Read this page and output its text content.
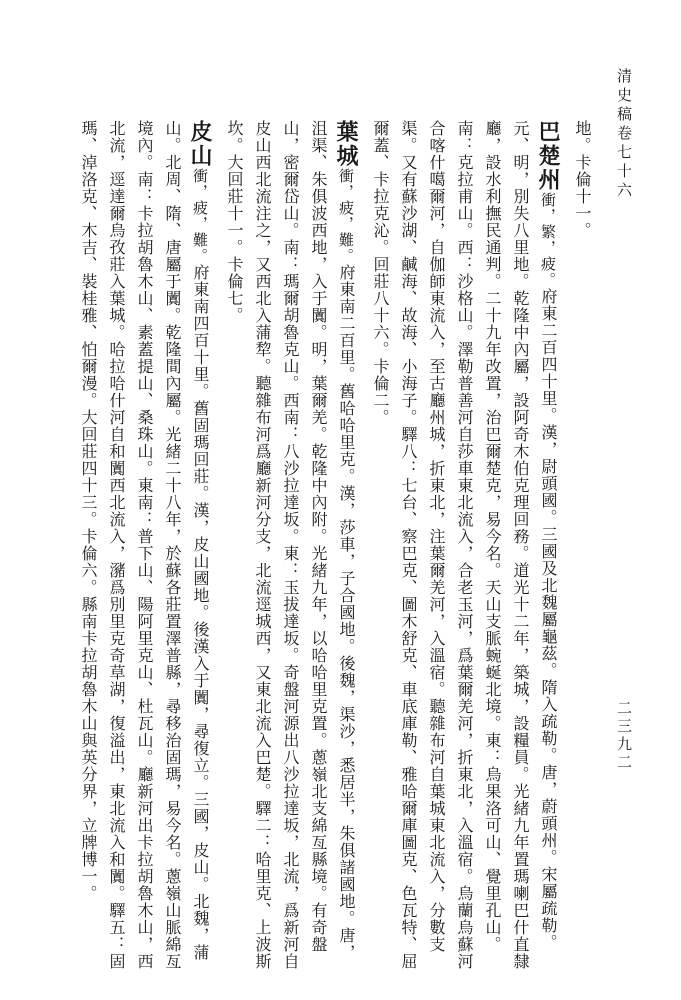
清史稿卷七十六
二三九二
地。卡倫十一。
巴楚州衝，繁，疲。府東二百四十里。漢，尉頭國。三國及北魏屬龜茲。隋入疏勒。唐，蔚頭州。宋屬疏勒。元、明，別失八里地。乾隆中內屬，設阿奇木伯克理回務。道光十二年，築城，設糧員。光緒九年置瑪喇巴什直隸廳，設水利撫民通判。二十九年改置，治巴爾楚克，易今名。天山支脈蜿蜒北境。東：烏果洛可山、覺里孔山。南：克拉甫山。西：沙格山。澤勒普善河自莎車東北流入，合老玉河，爲葉爾羌河，折東北，入溫宿。烏蘭烏蘇河合喀什噶爾河，自伽師東流入，至古廳州城，折東北，注葉爾羌河，入溫宿。聽雜布河自葉城東北流入，分數支渠。又有蘇沙湖、鹹海、故海、小海子。驛八：七台、察巴克、圖木舒克、車底庫勒、雅哈爾庫圖克、色瓦特、屈爾蓋、卡拉克沁。回莊八十六。卡倫二。
葉城衝，疲，難。府東南二百里。舊哈哈里克。漢，莎車，子合國地。後魏，渠沙，悉居半，朱俱諸國地。唐，沮渠、朱俱波西地，入于闐。明，葉爾羌。乾隆中內附。光緒九年，以哈哈里克置。蔥嶺北支綿亙縣境。有奇盤山，密爾岱山。南：瑪爾胡魯克山。西南：八沙拉達坂。東：玉拔達坂。奇盤河源出八沙拉達坂，北流，爲新河自皮山西北流注之，又西北入蒲犂。聽雜布河爲廳新河分支，北流逕城西，又東北流入巴楚。驛二：哈里克、上波斯坎。大回莊十一。卡倫七。
皮山衝，疲，難。府東南四百十里。舊固瑪回莊。漢，皮山國地。後漢入于闐，尋復立。三國，皮山。北魏，蒲山。北周、隋、唐屬于闐。乾隆間內屬。光緒二十八年，於蘇各莊置澤普縣，尋移治固瑪，易今名。蔥嶺山脈綿亙境內。南：卡拉胡魯木山、素蓋提山、桑珠山。東南：普下山、陽阿里克山、杜瓦山。廳新河出卡拉胡魯木山，西北流，逕達爾烏孜莊入葉城。哈拉哈什河自和闐西北流入，瀦爲別里克奇草湖，復溢出，東北流入和闐。驛五：固瑪、淖洛克、木吉、裝桂雅、怕爾漫。大回莊四十三。卡倫六。縣南卡拉胡魯木山與英分界，立牌博一。
